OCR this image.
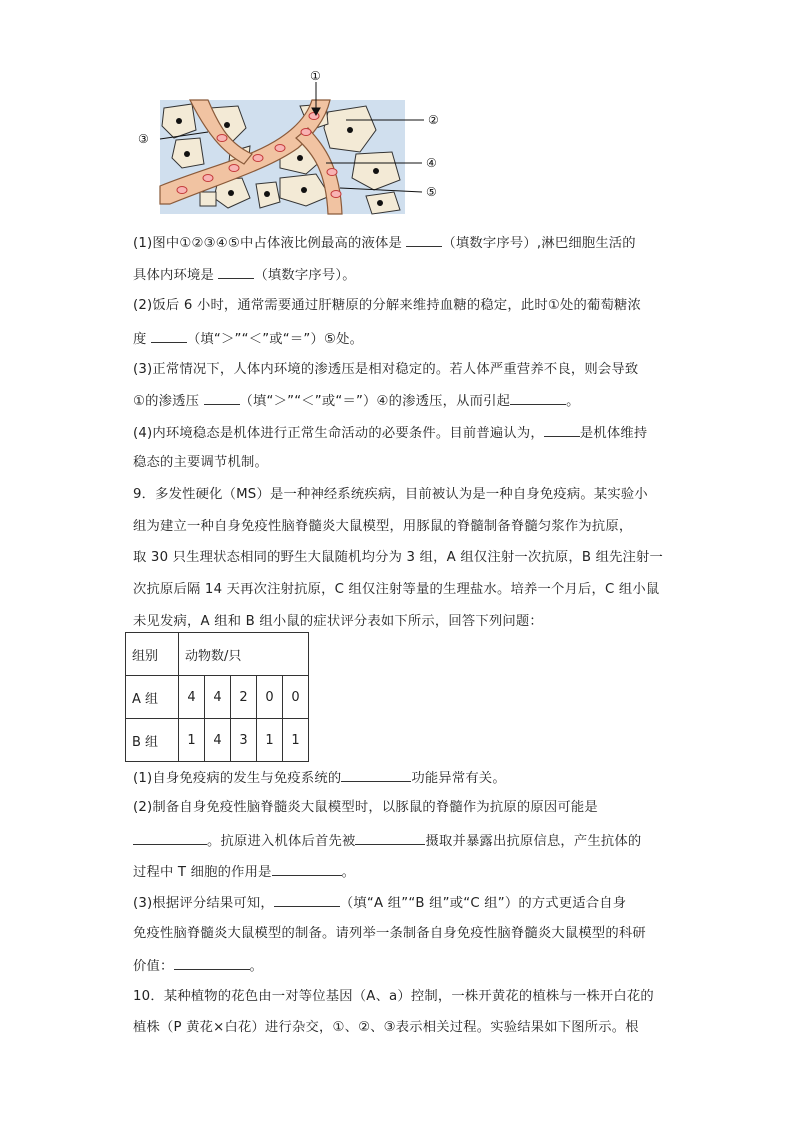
①
②
③
④
⑤
(1)图中①②③④⑤中占体液比例最高的液体是	（填数字序号）,淋巴细胞生活的
具体内环境是	（填数字序号）。
(2)饭后 6 小时，通常需要通过肝糖原的分解来维持血糖的稳定，此时①处的葡萄糖浓
度	（填“＞”“＜”或“＝”）⑤处。
(3)正常情况下，人体内环境的渗透压是相对稳定的。若人体严重营养不良，则会导致
①的渗透压	（填“＞”“＜”或“＝”）④的渗透压，从而引起	。
(4)内环境稳态是机体进行正常生命活动的必要条件。目前普遍认为，	是机体维持
稳态的主要调节机制。
9．多发性硬化（MS）是一种神经系统疾病，目前被认为是一种自身免疫病。某实验小
组为建立一种自身免疫性脑脊髓炎大鼠模型，用豚鼠的脊髓制备脊髓匀浆作为抗原，
取 30 只生理状态相同的野生大鼠随机均分为 3 组，A 组仅注射一次抗原，B 组先注射一
次抗原后隔 14 天再次注射抗原，C 组仅注射等量的生理盐水。培养一个月后，C 组小鼠
未见发病，A 组和 B 组小鼠的症状评分表如下所示，回答下列问题：
组别	动物数/只				
A 组	4	4	2	0	0
B 组	1	4	3	1	1
(1)自身免疫病的发生与免疫系统的	功能异常有关。
(2)制备自身免疫性脑脊髓炎大鼠模型时，以豚鼠的脊髓作为抗原的原因可能是
。抗原进入机体后首先被	摄取并暴露出抗原信息，产生抗体的
过程中 T 细胞的作用是	。
(3)根据评分结果可知，	（填“A 组”“B 组”或“C 组”）的方式更适合自身
免疫性脑脊髓炎大鼠模型的制备。请列举一条制备自身免疫性脑脊髓炎大鼠模型的科研
价值：	。
10．某种植物的花色由一对等位基因（A、a）控制，一株开黄花的植株与一株开白花的
植株（P 黄花×白花）进行杂交，①、②、③表示相关过程。实验结果如下图所示。根
